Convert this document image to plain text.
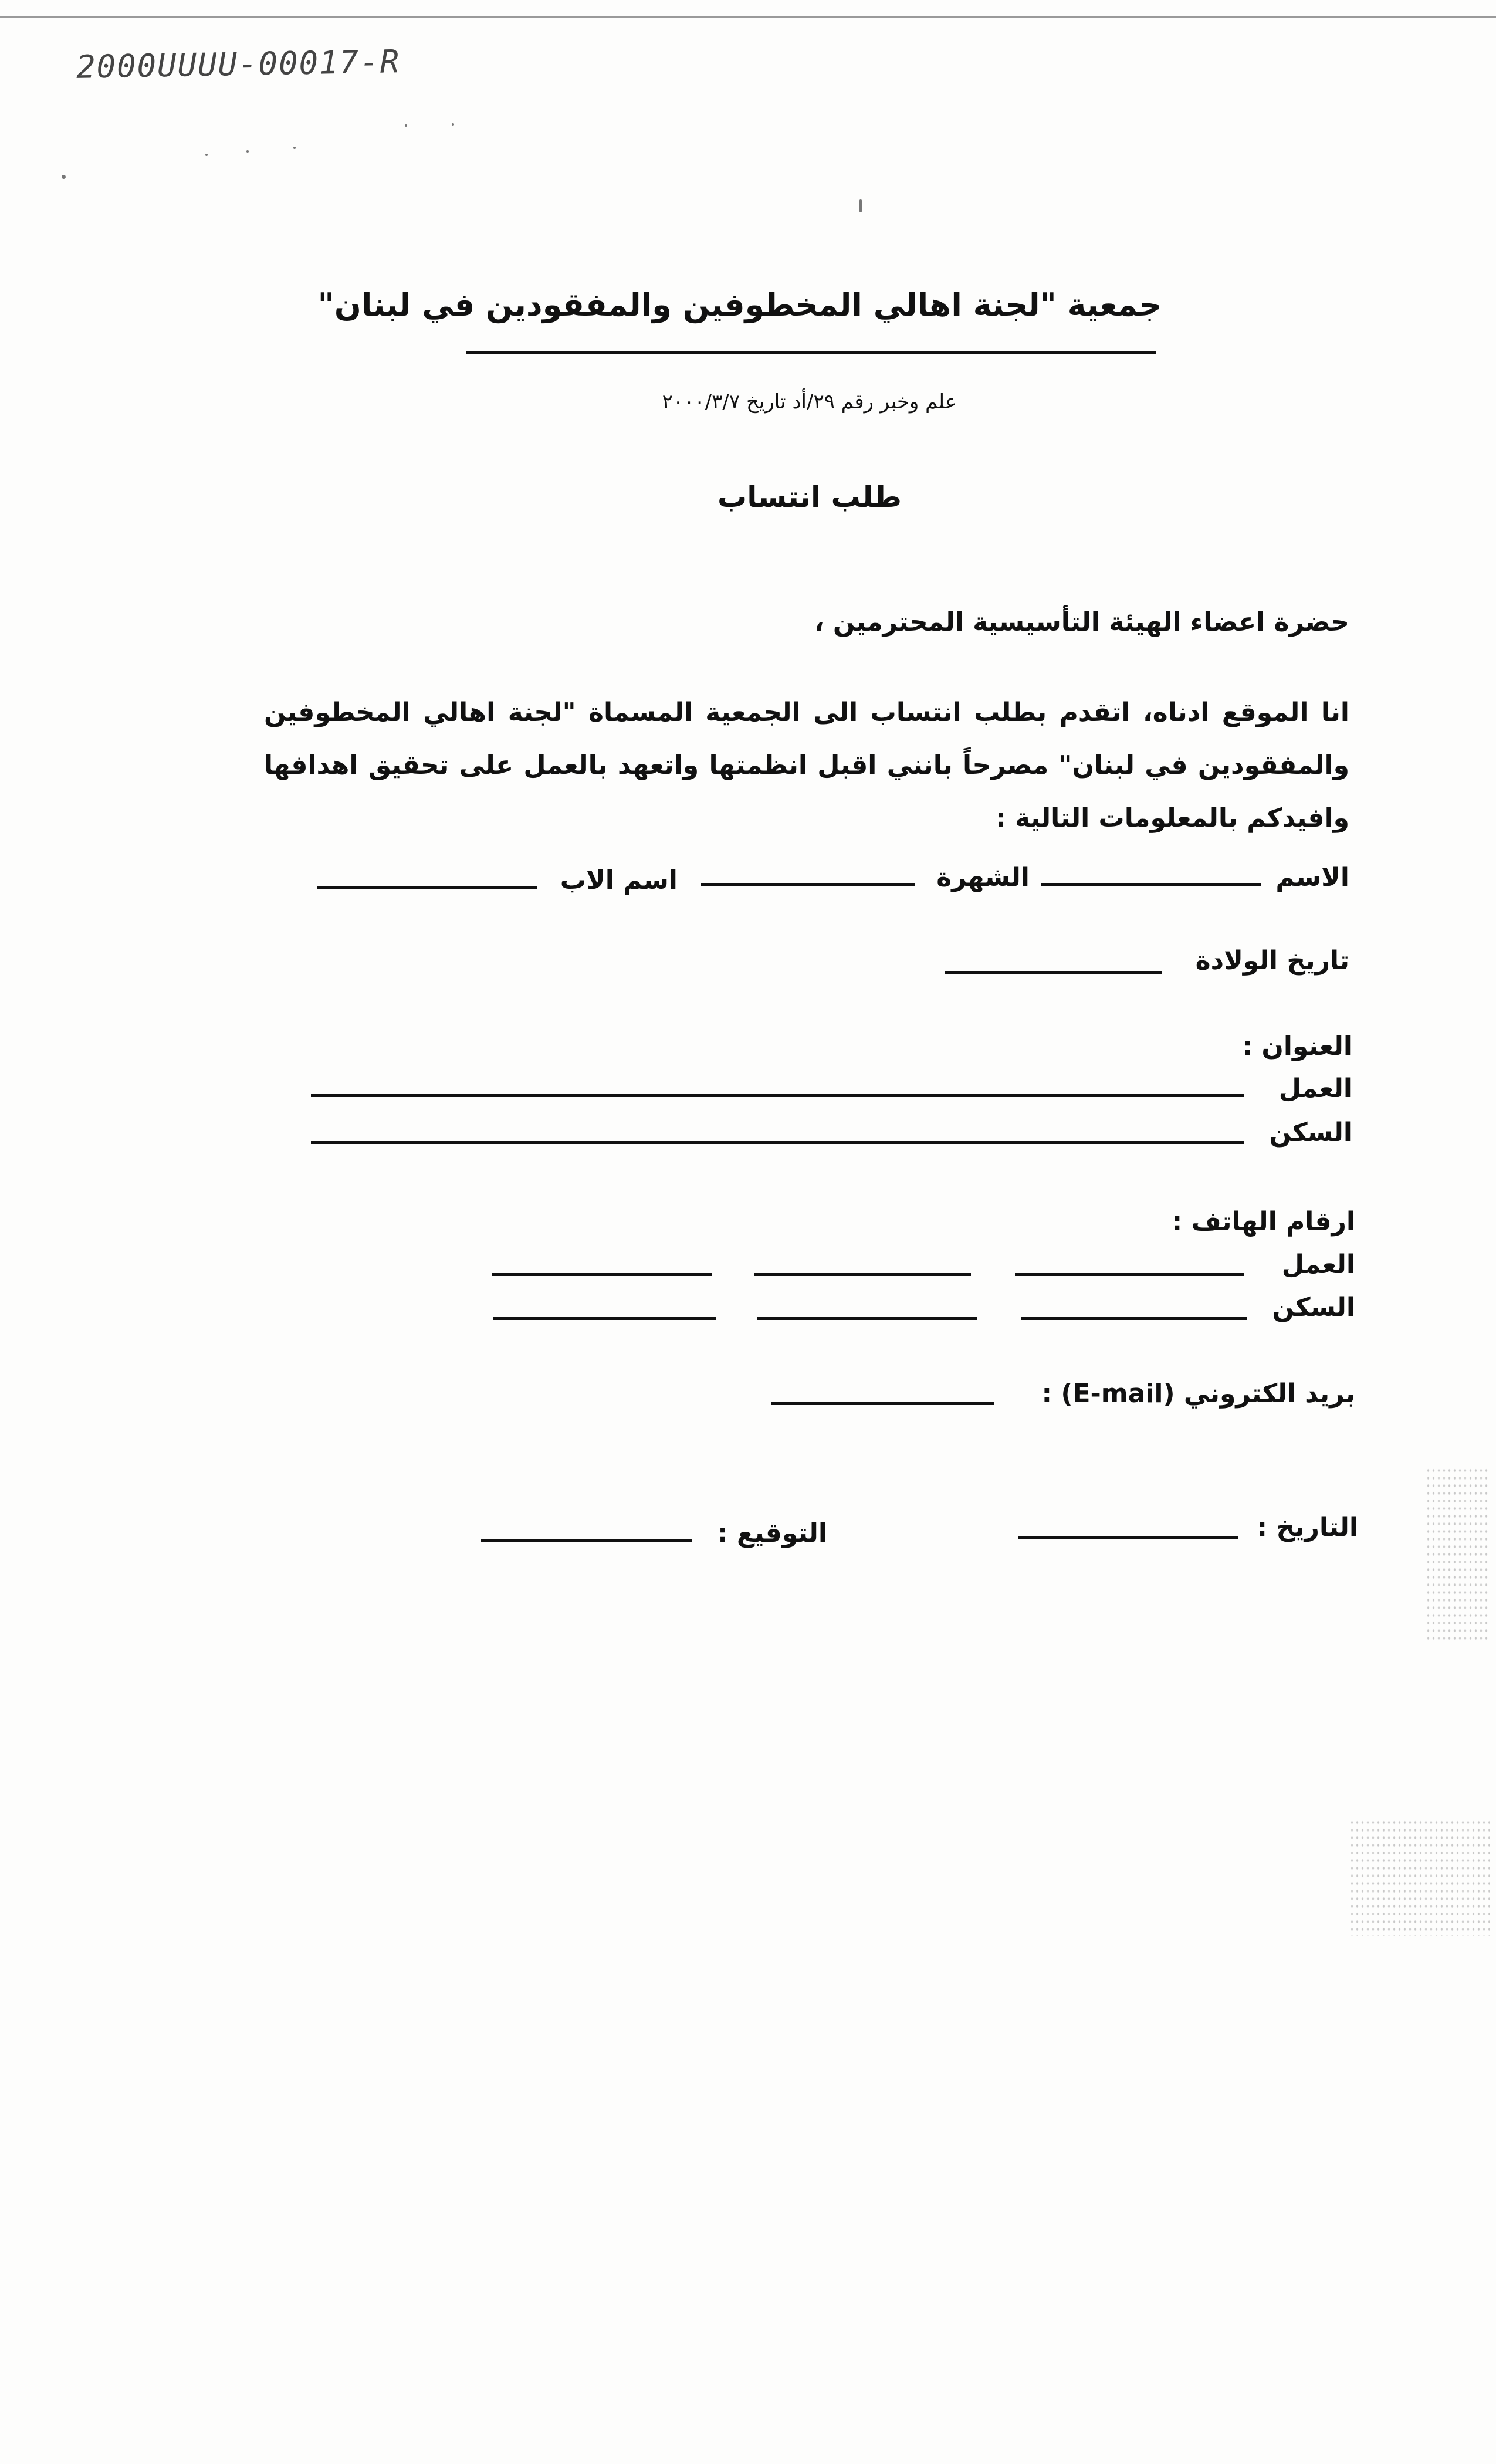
2000UUUU-00017-R
جمعية "لجنة اهالي المخطوفين والمفقودين في لبنان"
علم وخبر رقم ٢٩/أد تاريخ ٢٠٠٠/٣/٧
طلب انتساب
حضرة اعضاء الهيئة التأسيسية المحترمين ،
انا الموقع ادناه، اتقدم بطلب انتساب الى الجمعية المسماة "لجنة اهالي المخطوفين والمفقودين في لبنان" مصرحاً بانني اقبل انظمتها واتعهد بالعمل على تحقيق اهدافها وافيدكم بالمعلومات التالية :
الاسم
الشهرة
اسم الاب
تاريخ الولادة
العنوان :
العمل
السكن
ارقام الهاتف :
العمل
السكن
بريد الكتروني (E-mail) :
التاريخ :
التوقيع :
